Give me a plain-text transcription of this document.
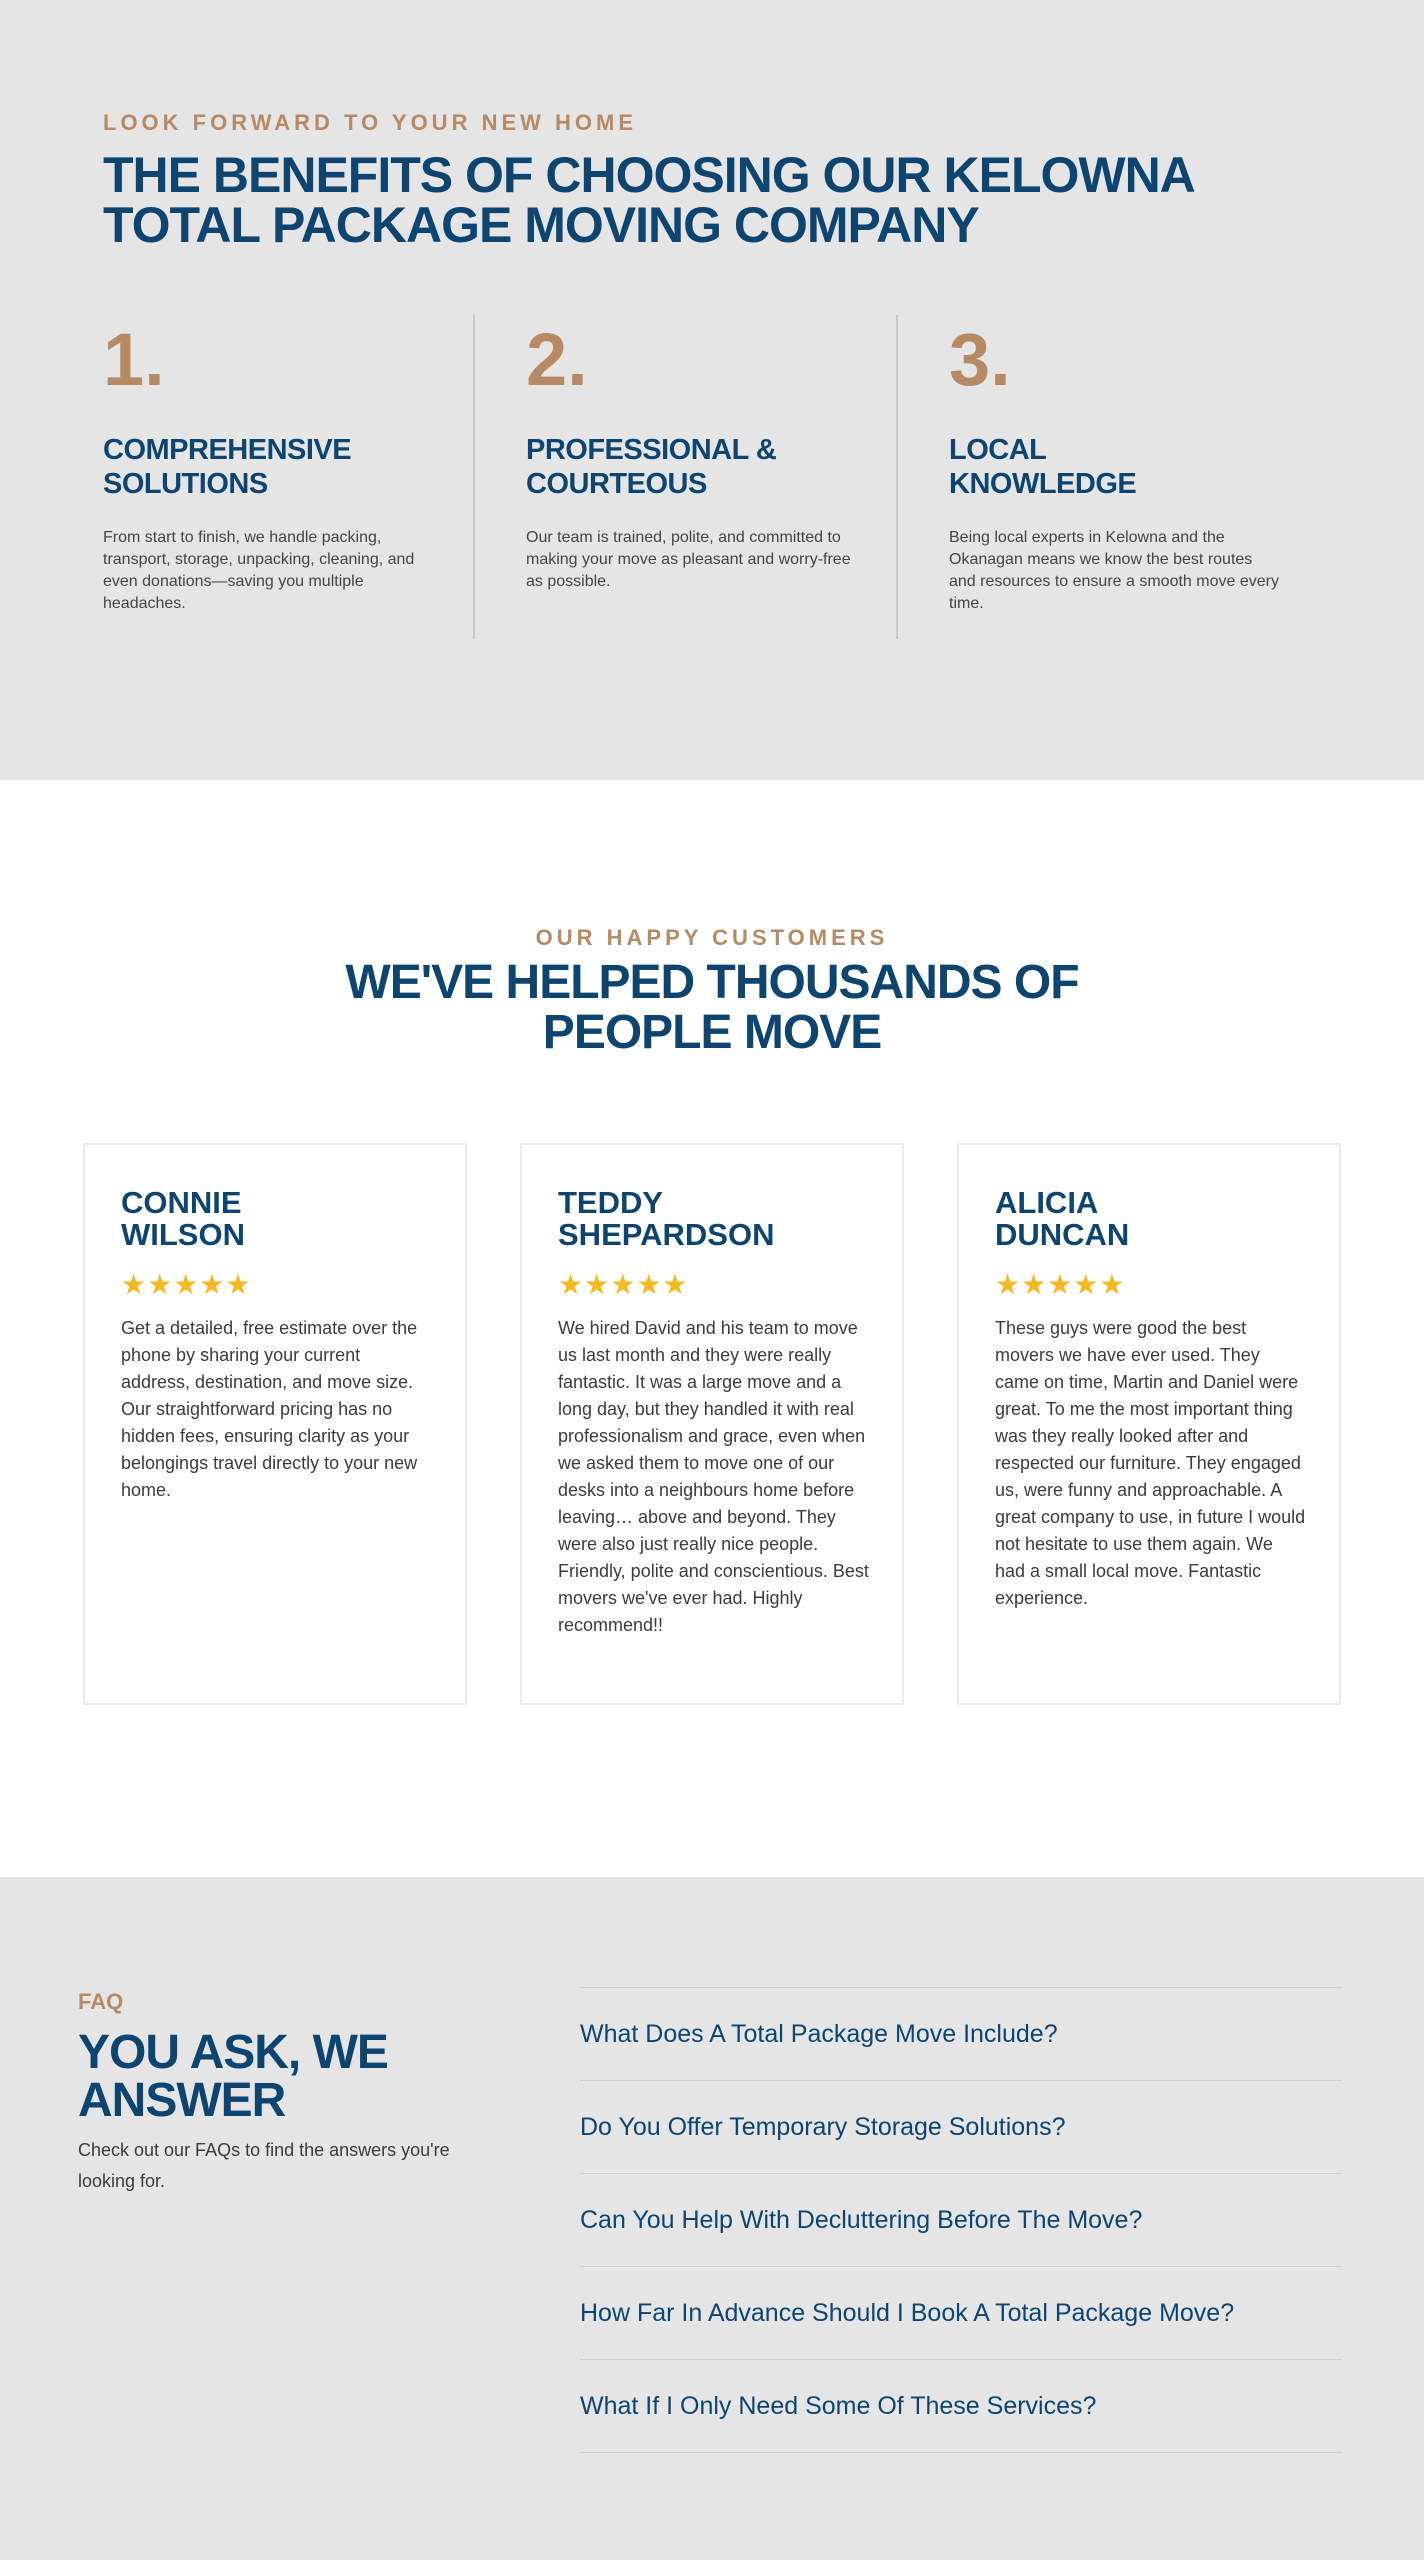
LOOK FORWARD TO YOUR NEW HOME
THE BENEFITS OF CHOOSING OUR KELOWNA TOTAL PACKAGE MOVING COMPANY
1.
COMPREHENSIVE SOLUTIONS

From start to finish, we handle packing, transport, storage, unpacking, cleaning, and even donations—saving you multiple headaches.

2.
PROFESSIONAL & COURTEOUS

Our team is trained, polite, and committed to making your move as pleasant and worry-free as possible.

3.
LOCAL KNOWLEDGE

Being local experts in Kelowna and the Okanagan means we know the best routes and resources to ensure a smooth move every time.

OUR HAPPY CUSTOMERS
WE'VE HELPED THOUSANDS OF PEOPLE MOVE
CONNIE WILSON
★★★★★

Get a detailed, free estimate over the phone by sharing your current address, destination, and move size. Our straightforward pricing has no hidden fees, ensuring clarity as your belongings travel directly to your new home.

TEDDY SHEPARDSON
★★★★★

We hired David and his team to move us last month and they were really fantastic. It was a large move and a long day, but they handled it with real professionalism and grace, even when we asked them to move one of our desks into a neighbours home before leaving… above and beyond. They were also just really nice people. Friendly, polite and conscientious. Best movers we've ever had. Highly recommend!!

ALICIA DUNCAN
★★★★★

These guys were good the best movers we have ever used. They came on time, Martin and Daniel were great. To me the most important thing was they really looked after and respected our furniture. They engaged us, were funny and approachable. A great company to use, in future I would not hesitate to use them again. We had a small local move. Fantastic experience.

FAQ
YOU ASK, WE ANSWER
Check out our FAQs to find the answers you're looking for.
What Does A Total Package Move Include?
Do You Offer Temporary Storage Solutions?
Can You Help With Decluttering Before The Move?
How Far In Advance Should I Book A Total Package Move?
What If I Only Need Some Of These Services?
